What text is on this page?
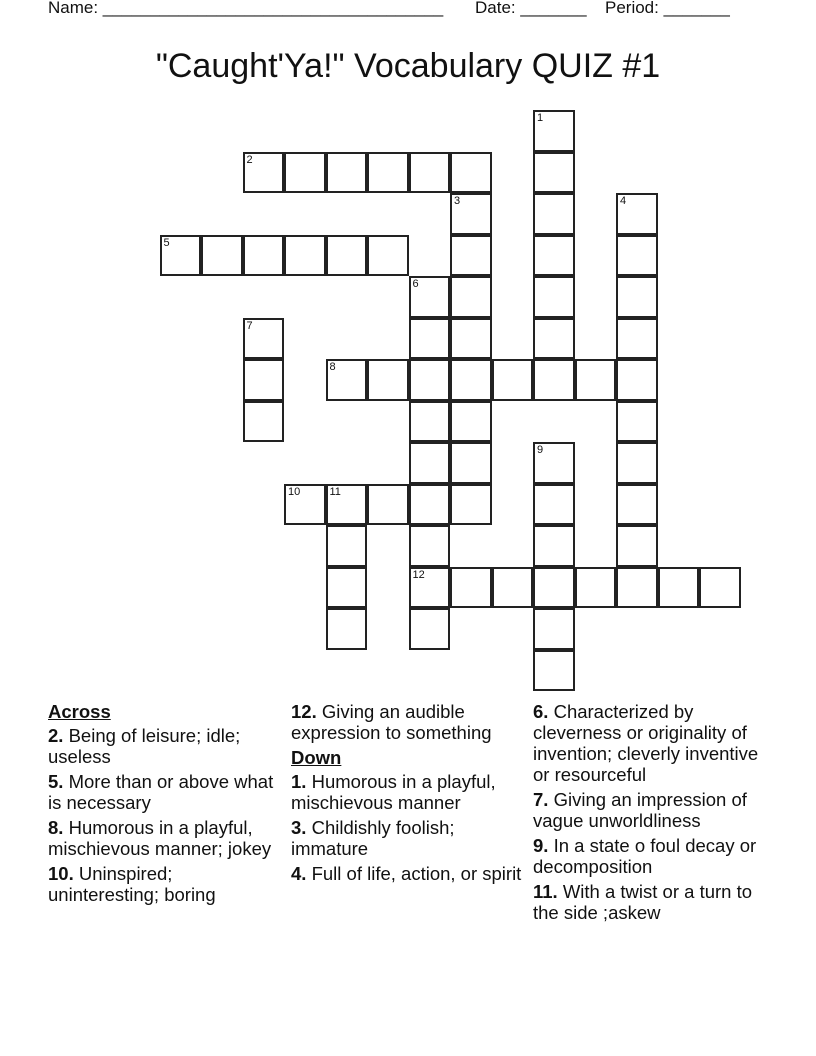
Name: ____________________________________ Date: _______ Period: _______
"Caught'Ya!" Vocabulary QUIZ #1
1
2
3	4
5
6
12
7
8
9
10	11
Across
2. Being of leisure; idle; useless
5. More than or above what is necessary
8. Humorous in a playful, mischievous manner; jokey
10. Uninspired; uninteresting; boring
12. Giving an audible expression to something
Down
1. Humorous in a playful, mischievous manner
3. Childishly foolish; immature
4. Full of life, action, or spirit
6. Characterized by cleverness or originality of invention; cleverly inventive or resourceful
7. Giving an impression of vague unworldliness
9. In a state o foul decay or decomposition
11. With a twist or a turn to the side ;askew
